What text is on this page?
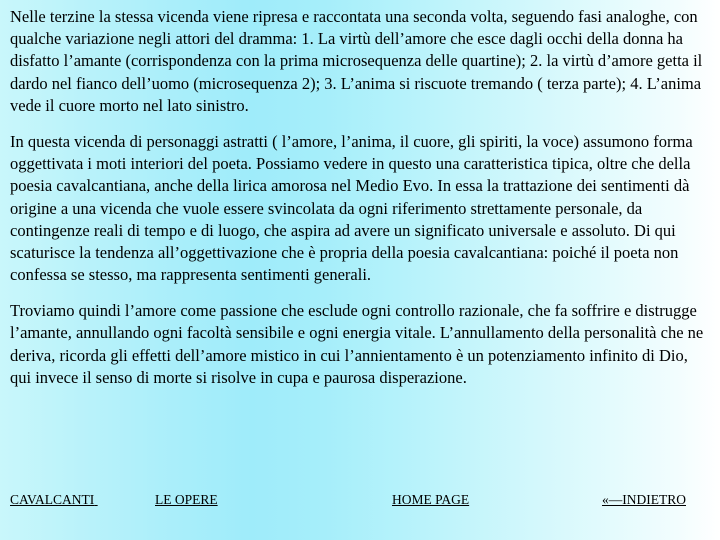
Nelle terzine la stessa vicenda viene ripresa e raccontata una seconda volta, seguendo fasi analoghe, con qualche variazione negli attori del dramma: 1. La virtù dell’amore che esce dagli occhi della donna ha disfatto l’amante (corrispondenza con la prima microsequenza delle quartine); 2. la virtù d’amore getta il dardo nel fianco dell’uomo (microsequenza 2); 3. L’anima si riscuote tremando ( terza parte); 4. L’anima vede il cuore morto nel lato sinistro.

In questa vicenda di personaggi astratti ( l’amore, l’anima, il cuore, gli spiriti, la voce) assumono forma oggettivata i moti interiori del poeta. Possiamo vedere in questo una caratteristica tipica, oltre che della poesia cavalcantiana, anche della lirica amorosa nel Medio Evo. In essa la trattazione dei sentimenti dà origine a una vicenda che vuole essere svincolata da ogni riferimento strettamente personale, da contingenze reali di tempo e di luogo, che aspira ad avere un significato universale e assoluto. Di qui scaturisce la tendenza all’oggettivazione che è propria della poesia cavalcantiana: poiché il poeta non confessa se stesso, ma rappresenta sentimenti generali.

Troviamo quindi l’amore come passione che esclude ogni controllo razionale, che fa soffrire e distrugge l’amante, annullando ogni facoltà sensibile e ogni energia vitale. L’annullamento della personalità che ne deriva, ricorda gli effetti dell’amore mistico in cui l’annientamento è un potenziamento infinito di Dio, qui invece il senso di morte si risolve in cupa e paurosa disperazione.

CAVALCANTI	LE OPERE	HOME PAGE	«—INDIETRO
